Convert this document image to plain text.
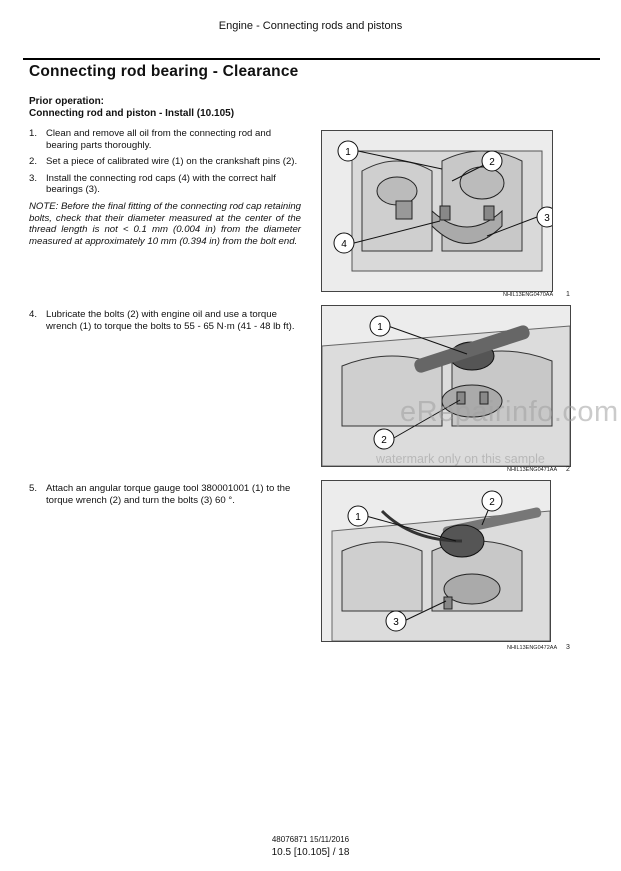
Engine - Connecting rods and pistons
Connecting rod bearing - Clearance
Prior operation:
Connecting rod and piston - Install (10.105)
1. Clean and remove all oil from the connecting rod and bearing parts thoroughly.
2. Set a piece of calibrated wire (1) on the crankshaft pins (2).
3. Install the connecting rod caps (4) with the correct half bearings (3).
NOTE: Before the final fitting of the connecting rod cap retaining bolts, check that their diameter measured at the center of the thread length is not < 0.1 mm (0.004 in) from the diameter measured at approximately 10 mm (0.394 in) from the bolt end.
4. Lubricate the bolts (2) with engine oil and use a torque wrench (1) to torque the bolts to 55 - 65 N·m (41 - 48 lb ft).
5. Attach an angular torque gauge tool 380001001 (1) to the torque wrench (2) and turn the bolts (3) 60 °.
1
2
3
4
NHIL13ENG0470AA 1
1
2
NHIL13ENG0471AA 2
1
2
3
NHIL13ENG0472AA 3
eRepairinfo.com
watermark only on this sample
48076871 15/11/2016
10.5 [10.105] / 18
